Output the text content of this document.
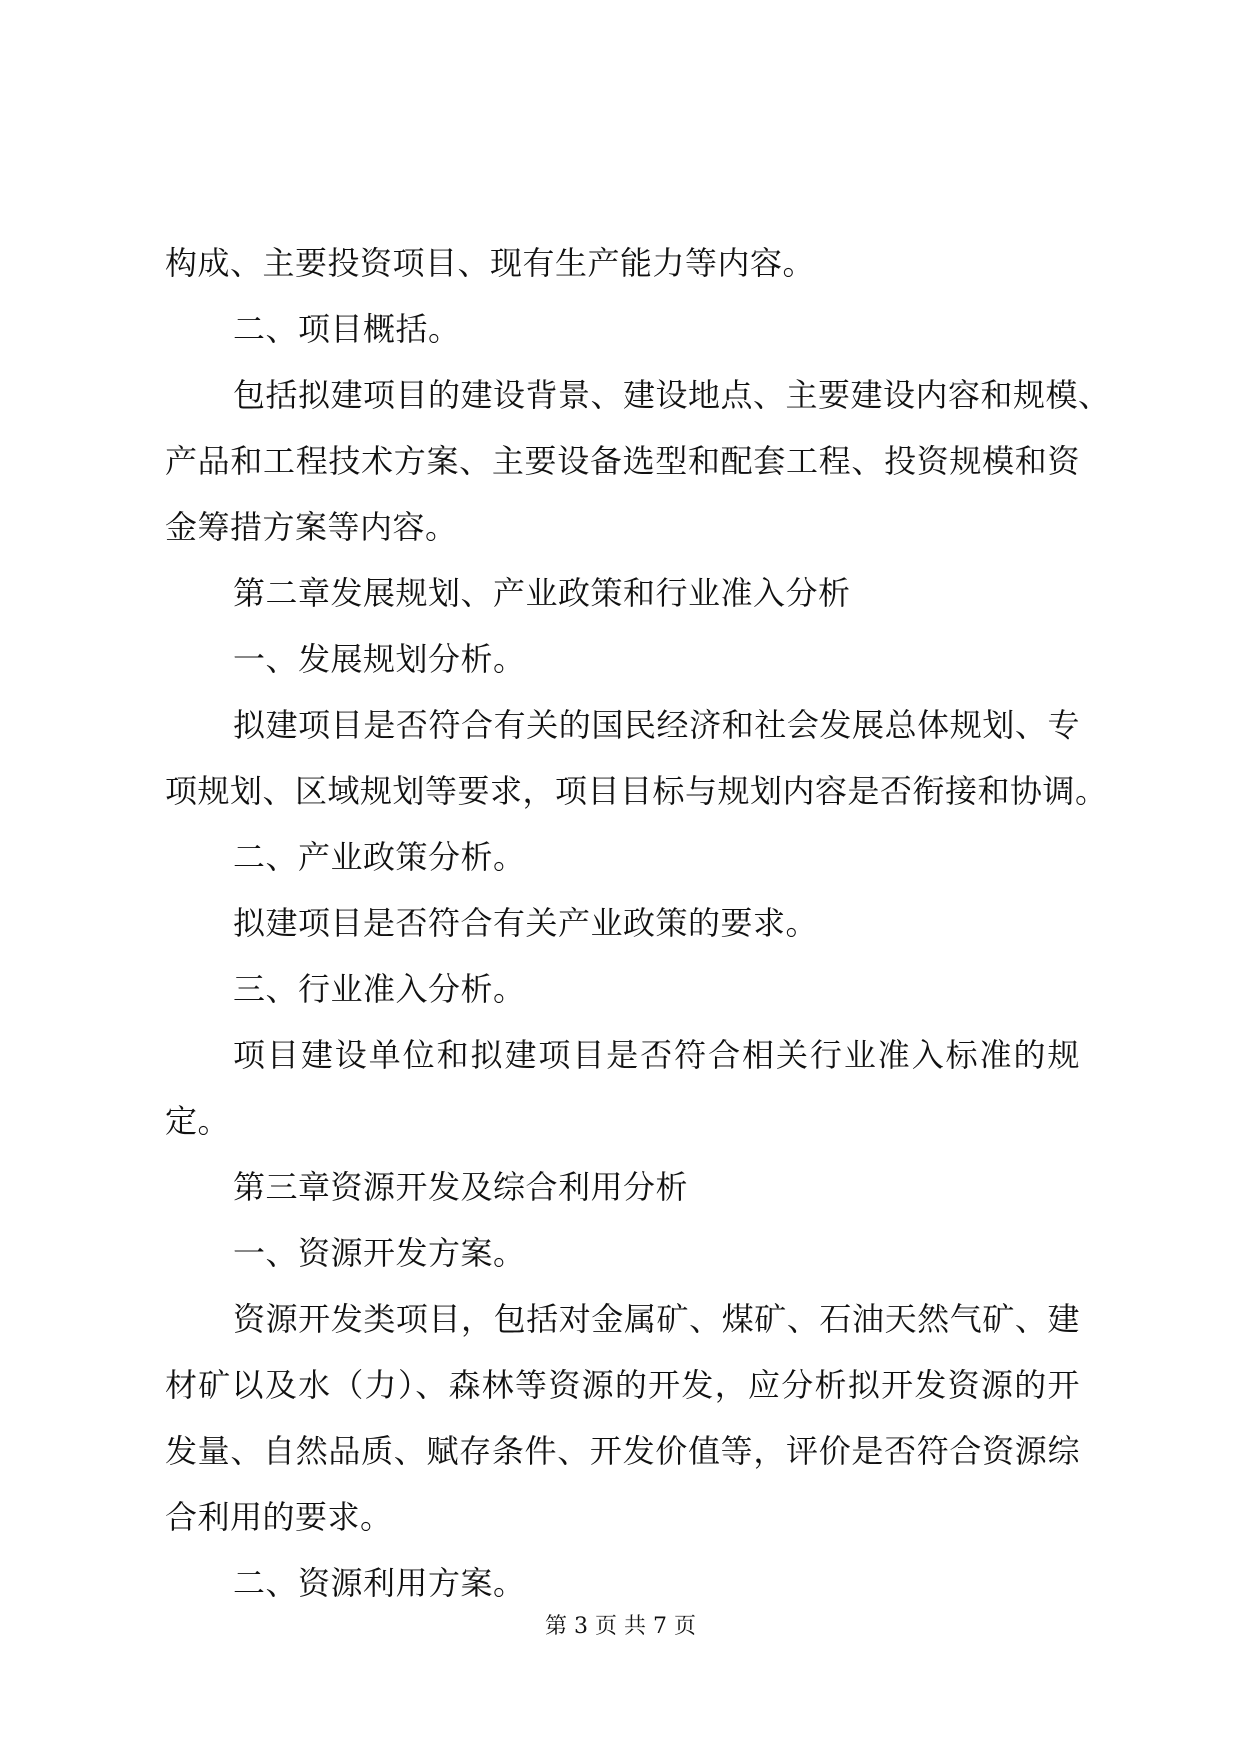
构成、主要投资项目、现有生产能力等内容。
二、项目概括。
包括拟建项目的建设背景、建设地点、主要建设内容和规模、
产品和工程技术方案、主要设备选型和配套工程、投资规模和资
金筹措方案等内容。
第二章发展规划、产业政策和行业准入分析
一、发展规划分析。
拟建项目是否符合有关的国民经济和社会发展总体规划、专
项规划、区域规划等要求，项目目标与规划内容是否衔接和协调。
二、产业政策分析。
拟建项目是否符合有关产业政策的要求。
三、行业准入分析。
项目建设单位和拟建项目是否符合相关行业准入标准的规
定。
第三章资源开发及综合利用分析
一、资源开发方案。
资源开发类项目，包括对金属矿、煤矿、石油天然气矿、建
材矿以及水（力）、森林等资源的开发，应分析拟开发资源的开
发量、自然品质、赋存条件、开发价值等，评价是否符合资源综
合利用的要求。
二、资源利用方案。
第 3 页 共 7 页
